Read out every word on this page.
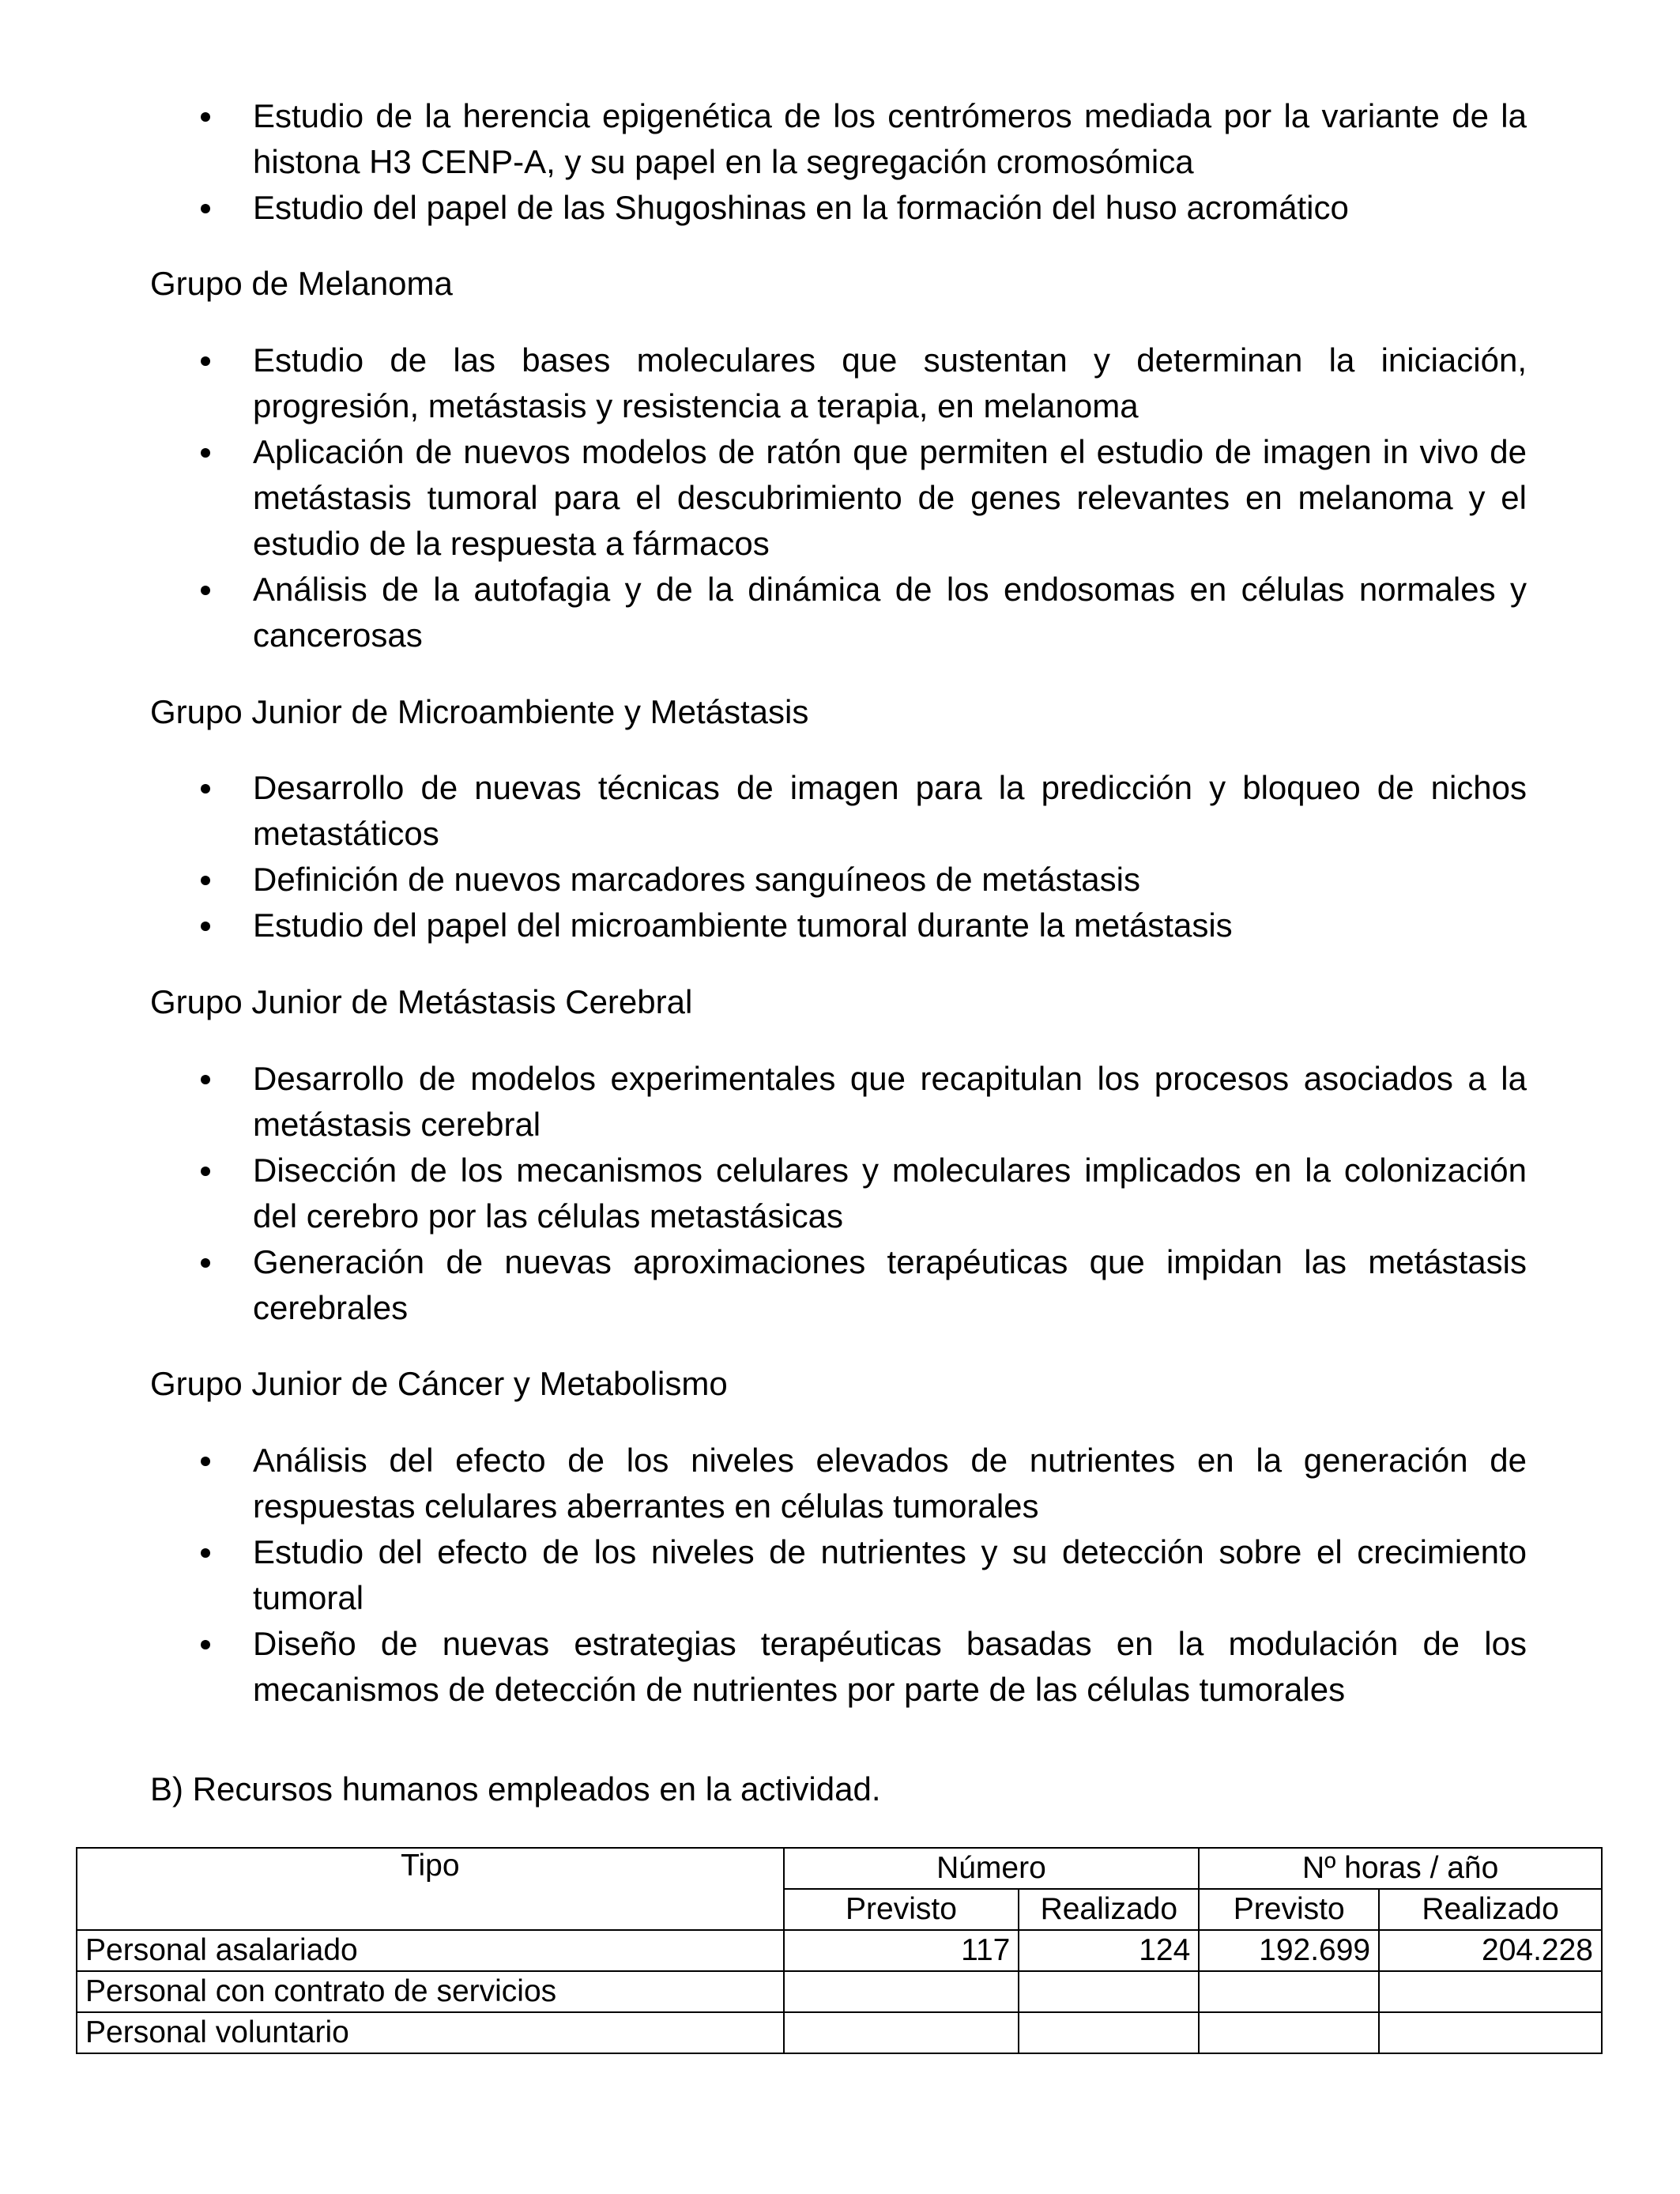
Estudio de la herencia epigenética de los centrómeros mediada por la variante de la histona H3 CENP-A, y su papel en la segregación cromosómica
Estudio del papel de las Shugoshinas en la formación del huso acromático
Grupo de Melanoma
Estudio de las bases moleculares que sustentan y determinan la iniciación, progresión, metástasis y resistencia a terapia, en melanoma
Aplicación de nuevos modelos de ratón que permiten el estudio de imagen in vivo de metástasis tumoral para el descubrimiento de genes relevantes en melanoma y el estudio de la respuesta a fármacos
Análisis de la autofagia y de la dinámica de los endosomas en células normales y cancerosas
Grupo Junior de Microambiente y Metástasis
Desarrollo de nuevas técnicas de imagen para la predicción y bloqueo de nichos metastáticos
Definición de nuevos marcadores sanguíneos de metástasis
Estudio del papel del microambiente tumoral durante la metástasis
Grupo Junior de Metástasis Cerebral
Desarrollo de modelos experimentales que recapitulan los procesos asociados a la metástasis cerebral
Disección de los mecanismos celulares y moleculares implicados en la colonización del cerebro por las células metastásicas
Generación de nuevas aproximaciones terapéuticas que impidan las metástasis cerebrales
Grupo Junior de Cáncer y Metabolismo
Análisis del efecto de los niveles elevados de nutrientes en la generación de respuestas celulares aberrantes en células tumorales
Estudio del efecto de los niveles de nutrientes y su detección sobre el crecimiento tumoral
Diseño de nuevas estrategias terapéuticas basadas en la modulación de los mecanismos de detección de nutrientes por parte de las células tumorales
B) Recursos humanos empleados en la actividad.
Tipo	Número		Nº horas / año	
	Previsto	Realizado	Previsto	Realizado
Personal asalariado	117	124	192.699	204.228
Personal con contrato de servicios				
Personal voluntario				
